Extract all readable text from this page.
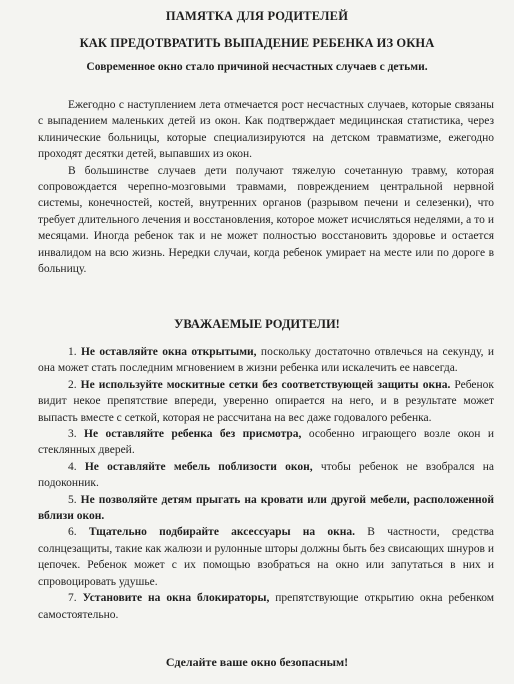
ПАМЯТКА ДЛЯ РОДИТЕЛЕЙ
КАК ПРЕДОТВРАТИТЬ ВЫПАДЕНИЕ РЕБЕНКА ИЗ ОКНА
Современное окно стало причиной несчастных случаев с детьми.

Ежегодно с наступлением лета отмечается рост несчастных случаев, которые связаны с выпадением маленьких детей из окон. Как подтверждает медицинская статистика, через клинические больницы, которые специализируются на детском травматизме, ежегодно проходят десятки детей, выпавших из окон.

В большинстве случаев дети получают тяжелую сочетанную травму, которая сопровождается черепно-мозговыми травмами, повреждением центральной нервной системы, конечностей, костей, внутренних органов (разрывом печени и селезенки), что требует длительного лечения и восстановления, которое может исчисляться неделями, а то и месяцами. Иногда ребенок так и не может полностью восстановить здоровье и остается инвалидом на всю жизнь. Нередки случаи, когда ребенок умирает на месте или по дороге в больницу.

УВАЖАЕМЫЕ РОДИТЕЛИ!

1. Не оставляйте окна открытыми, поскольку достаточно отвлечься на секунду, и она может стать последним мгновением в жизни ребенка или искалечить ее навсегда.

2. Не используйте москитные сетки без соответствующей защиты окна. Ребенок видит некое препятствие впереди, уверенно опирается на него, и в результате может выпасть вместе с сеткой, которая не рассчитана на вес даже годовалого ребенка.

3. Не оставляйте ребенка без присмотра, особенно играющего возле окон и стеклянных дверей.

4. Не оставляйте мебель поблизости окон, чтобы ребенок не взобрался на подоконник.

5. Не позволяйте детям прыгать на кровати или другой мебели, расположенной вблизи окон.

6. Тщательно подбирайте аксессуары на окна. В частности, средства солнцезащиты, такие как жалюзи и рулонные шторы должны быть без свисающих шнуров и цепочек. Ребенок может с их помощью взобраться на окно или запутаться в них и спровоцировать удушье.

7. Установите на окна блокираторы, препятствующие открытию окна ребенком самостоятельно.

Сделайте ваше окно безопасным!
